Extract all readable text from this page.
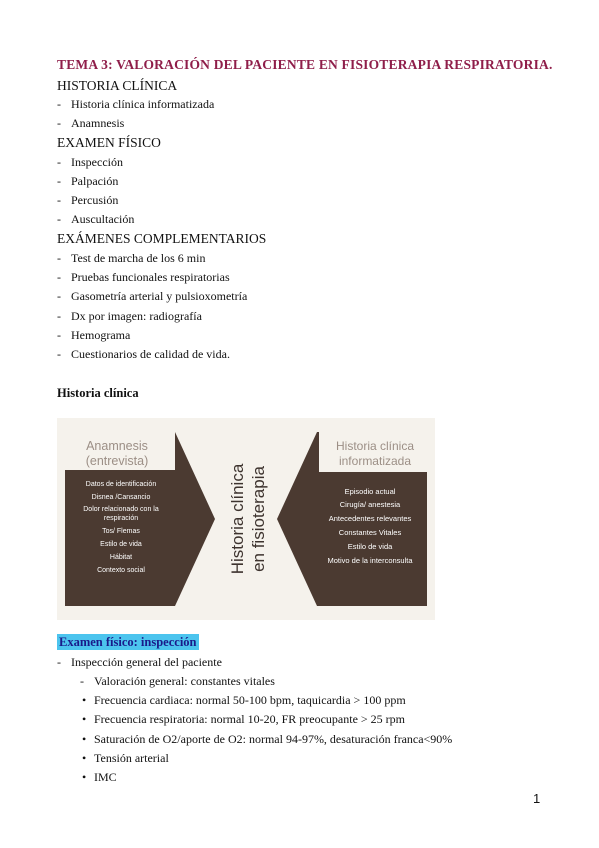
TEMA 3: VALORACIÓN DEL PACIENTE EN FISIOTERAPIA RESPIRATORIA.
HISTORIA CLÍNICA
- Historia clínica informatizada
- Anamnesis
EXAMEN FÍSICO
- Inspección
- Palpación
- Percusión
- Auscultación
EXÁMENES COMPLEMENTARIOS
- Test de marcha de los 6 min
- Pruebas funcionales respiratorias
- Gasometría arterial y pulsioxometría
- Dx por imagen: radiografía
- Hemograma
- Cuestionarios de calidad de vida.
Historia clínica
Anamnesis
(entrevista)
Datos de identificación
Disnea /Cansancio
Dolor relacionado con la
respiración
Tos/ Flemas
Estilo de vida
Hábitat
Contexto social	Historia clínica en fisioterapia
Historia clínica
informatizada
Episodio actual
Cirugía/ anestesia
Antecedentes relevantes
Constantes Vitales
Estilo de vida
Motivo de la interconsulta
Examen físico: inspección
- Inspección general del paciente
- Valoración general: constantes vitales
• Frecuencia cardiaca: normal 50-100 bpm, taquicardia > 100 ppm
• Frecuencia respiratoria: normal 10-20, FR preocupante > 25 rpm
• Saturación de O2/aporte de O2: normal 94-97%, desaturación franca<90%
• Tensión arterial
• IMC
1
